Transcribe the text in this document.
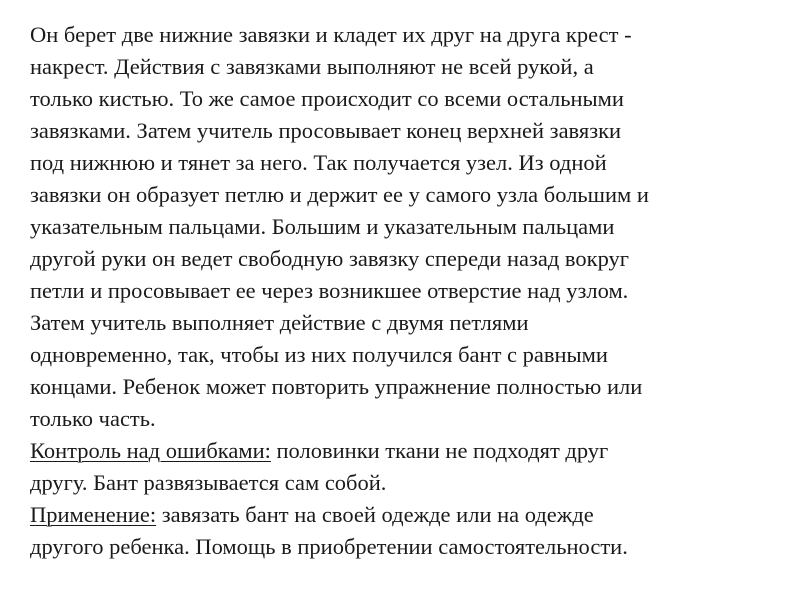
Он берет две нижние завязки и кладет их друг на друга крест -
накрест. Действия с завязками выполняют не всей рукой, а
только кистью. То же самое происходит со всеми остальными
завязками. Затем учитель просовывает конец верхней завязки
под нижнюю и тянет за него. Так получается узел. Из одной
завязки он образует петлю и держит ее у самого узла большим и
указательным пальцами. Большим и указательным пальцами
другой руки он ведет свободную завязку спереди назад вокруг
петли и просовывает ее через возникшее отверстие над узлом.
Затем учитель выполняет действие с двумя петлями
одновременно, так, чтобы из них получился бант с равными
концами. Ребенок может повторить упражнение полностью или
только часть.
Контроль над ошибками: половинки ткани не подходят друг
другу. Бант развязывается сам собой.
Применение: завязать бант на своей одежде или на одежде
другого ребенка. Помощь в приобретении самостоятельности.
